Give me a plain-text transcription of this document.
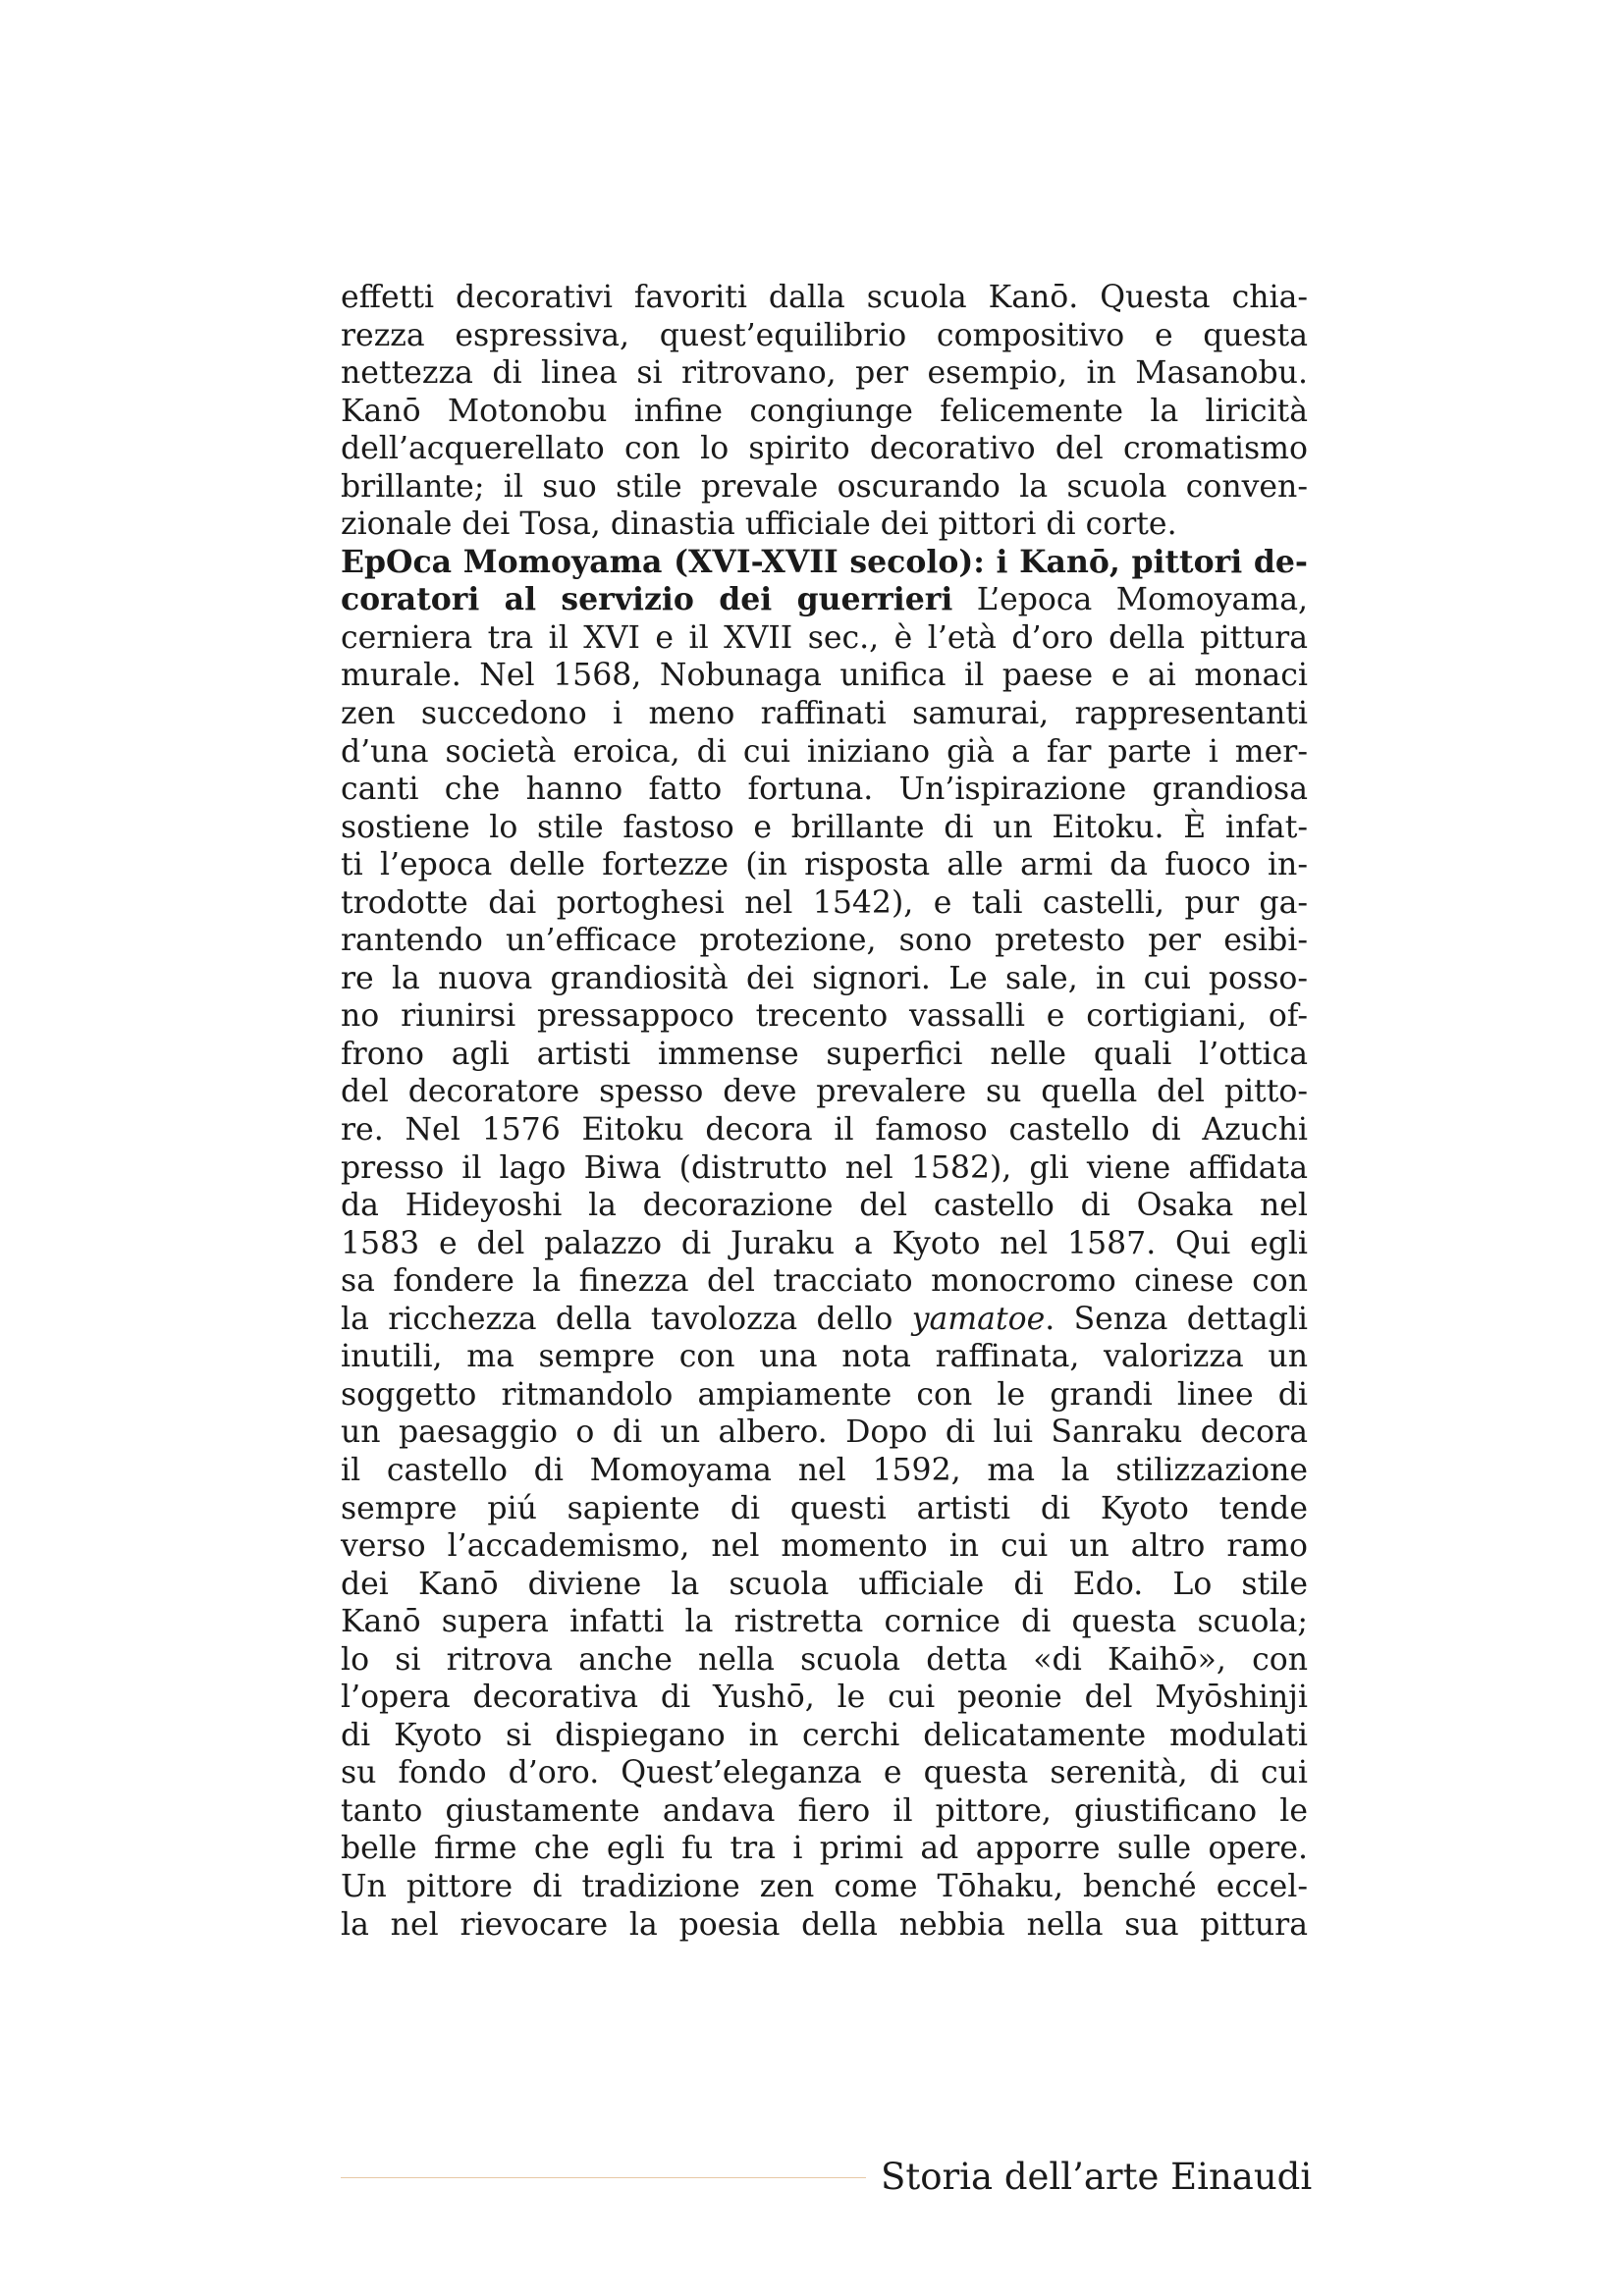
effetti decorativi favoriti dalla scuola Kanō. Questa chia-
rezza espressiva, quest’equilibrio compositivo e questa
nettezza di linea si ritrovano, per esempio, in Masanobu.
Kanō Motonobu infine congiunge felicemente la liricità
dell’acquerellato con lo spirito decorativo del cromatismo
brillante; il suo stile prevale oscurando la scuola conven-
zionale dei Tosa, dinastia ufficiale dei pittori di corte.
EpOca Momoyama (XVI-XVII secolo): i Kanō, pittori de-
coratori al servizio dei guerrieri L’epoca Momoyama,
cerniera tra il XVI e il XVII sec., è l’età d’oro della pittura
murale. Nel 1568, Nobunaga unifica il paese e ai monaci
zen succedono i meno raffinati samurai, rappresentanti
d’una società eroica, di cui iniziano già a far parte i mer-
canti che hanno fatto fortuna. Un’ispirazione grandiosa
sostiene lo stile fastoso e brillante di un Eitoku. È infat-
ti l’epoca delle fortezze (in risposta alle armi da fuoco in-
trodotte dai portoghesi nel 1542), e tali castelli, pur ga-
rantendo un’efficace protezione, sono pretesto per esibi-
re la nuova grandiosità dei signori. Le sale, in cui posso-
no riunirsi pressappoco trecento vassalli e cortigiani, of-
frono agli artisti immense superfici nelle quali l’ottica
del decoratore spesso deve prevalere su quella del pitto-
re. Nel 1576 Eitoku decora il famoso castello di Azuchi
presso il lago Biwa (distrutto nel 1582), gli viene affidata
da Hideyoshi la decorazione del castello di Osaka nel
1583 e del palazzo di Juraku a Kyoto nel 1587. Qui egli
sa fondere la finezza del tracciato monocromo cinese con
la ricchezza della tavolozza dello yamatoe. Senza dettagli
inutili, ma sempre con una nota raffinata, valorizza un
soggetto ritmandolo ampiamente con le grandi linee di
un paesaggio o di un albero. Dopo di lui Sanraku decora
il castello di Momoyama nel 1592, ma la stilizzazione
sempre piú sapiente di questi artisti di Kyoto tende
verso l’accademismo, nel momento in cui un altro ramo
dei Kanō diviene la scuola ufficiale di Edo. Lo stile
Kanō supera infatti la ristretta cornice di questa scuola;
lo si ritrova anche nella scuola detta «di Kaihō», con
l’opera decorativa di Yushō, le cui peonie del Myōshinji
di Kyoto si dispiegano in cerchi delicatamente modulati
su fondo d’oro. Quest’eleganza e questa serenità, di cui
tanto giustamente andava fiero il pittore, giustificano le
belle firme che egli fu tra i primi ad apporre sulle opere.
Un pittore di tradizione zen come Tōhaku, benché eccel-
la nel rievocare la poesia della nebbia nella sua pittura
Storia dell’arte Einaudi
